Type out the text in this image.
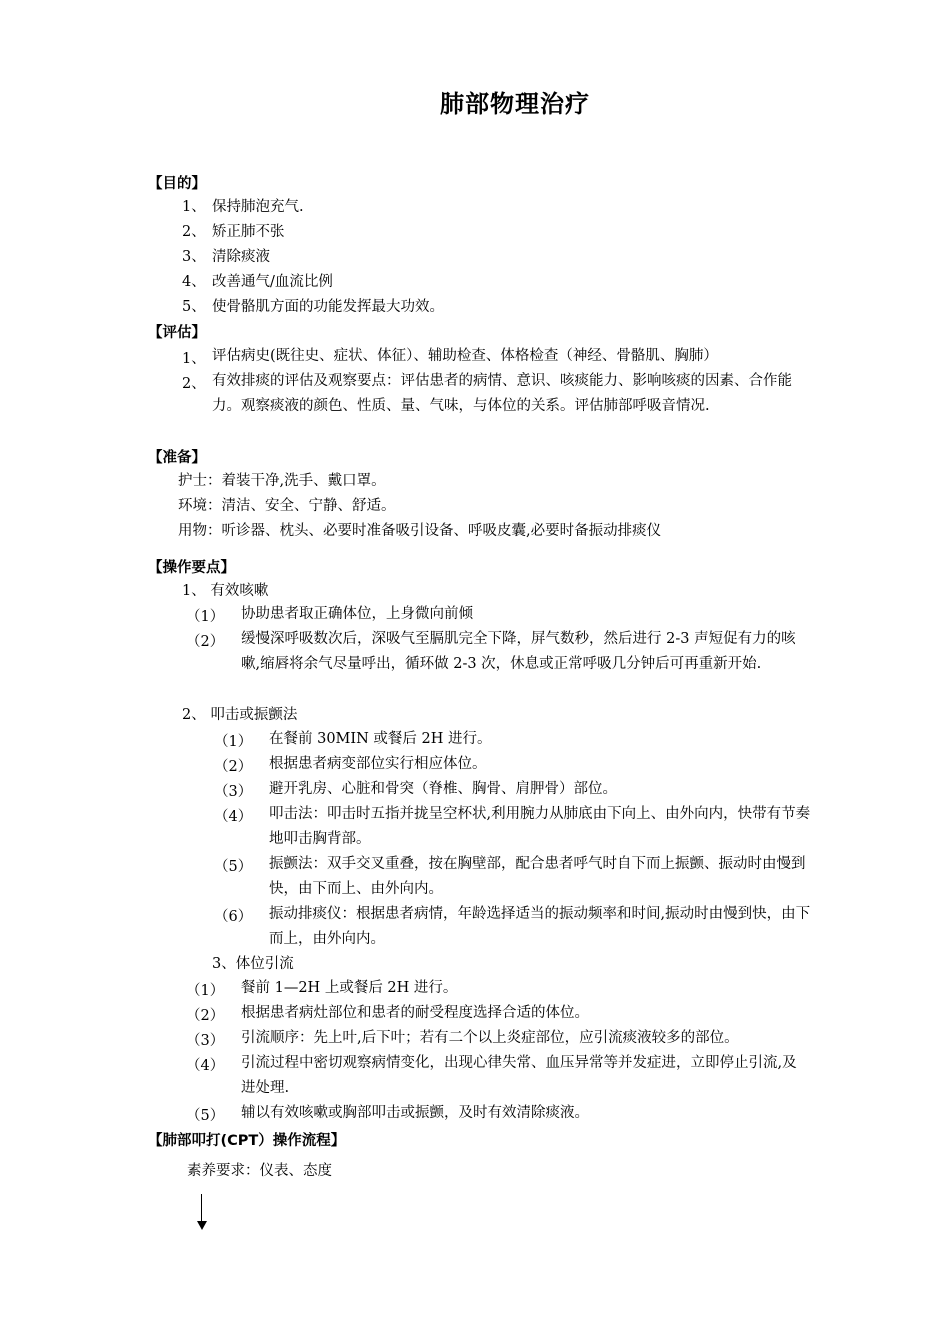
肺部物理治疗
【目的】
1、 保持肺泡充气.
2、 矫正肺不张
3、 清除痰液
4、 改善通气/血流比例
5、 使骨骼肌方面的功能发挥最大功效。
【评估】
1、 评估病史(既往史、症状、体征）、辅助检查、体格检查（神经、骨骼肌、胸肺）
2、 有效排痰的评估及观察要点：评估患者的病情、意识、咳痰能力、影响咳痰的因素、合作能力。观察痰液的颜色、性质、量、气味，与体位的关系。评估肺部呼吸音情况.
【准备】
护士：着装干净,洗手、戴口罩。
环境：清洁、安全、宁静、舒适。
用物：听诊器、枕头、必要时准备吸引设备、呼吸皮囊,必要时备振动排痰仪
【操作要点】
1、 有效咳嗽
（1） 协助患者取正确体位，上身微向前倾
（2） 缓慢深呼吸数次后，深吸气至膈肌完全下降，屏气数秒，然后进行 2-3 声短促有力的咳嗽,缩唇将余气尽量呼出，循环做 2-3 次，休息或正常呼吸几分钟后可再重新开始.
2、 叩击或振颤法
（1） 在餐前 30MIN 或餐后 2H 进行。
（2） 根据患者病变部位实行相应体位。
（3） 避开乳房、心脏和骨突（脊椎、胸骨、肩胛骨）部位。
（4） 叩击法：叩击时五指并拢呈空杯状,利用腕力从肺底由下向上、由外向内，快带有节奏地叩击胸背部。
（5） 振颤法：双手交叉重叠，按在胸壁部，配合患者呼气时自下而上振颤、振动时由慢到快，由下而上、由外向内。
（6） 振动排痰仪：根据患者病情，年龄选择适当的振动频率和时间,振动时由慢到快，由下而上，由外向内。
3、体位引流
（1） 餐前 1—2H 上或餐后 2H 进行。
（2） 根据患者病灶部位和患者的耐受程度选择合适的体位。
（3） 引流顺序：先上叶,后下叶；若有二个以上炎症部位，应引流痰液较多的部位。
（4） 引流过程中密切观察病情变化，出现心律失常、血压异常等并发症进，立即停止引流,及进处理.
（5） 辅以有效咳嗽或胸部叩击或振颤，及时有效清除痰液。
【肺部叩打(CPT）操作流程】
素养要求：仪表、态度
